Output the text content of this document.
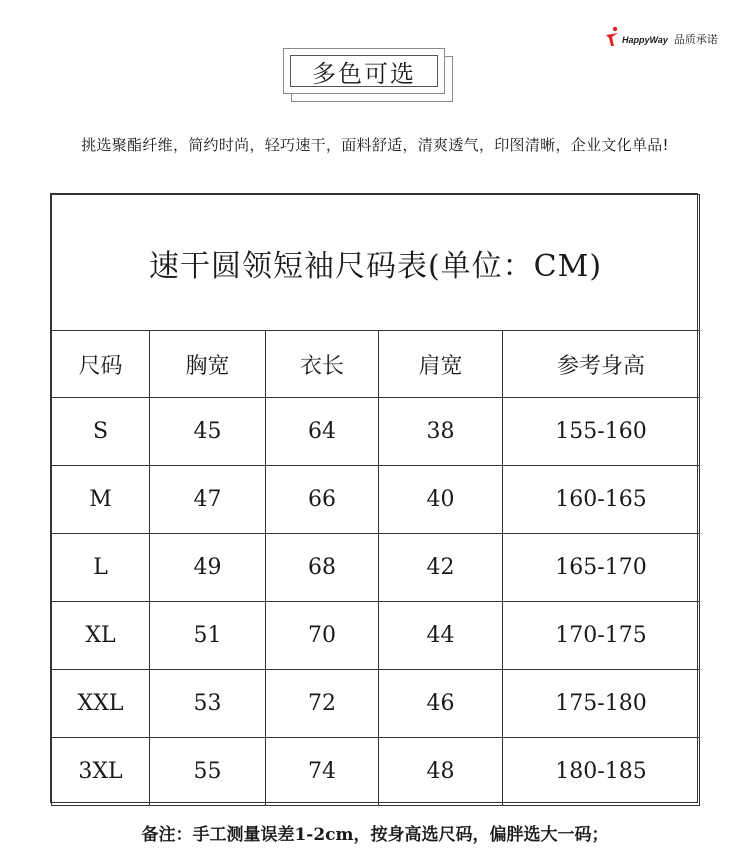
HappyWay 品质承诺
多色可选
挑选聚酯纤维，简约时尚，轻巧速干，面料舒适，清爽透气，印图清晰，企业文化单品!
速干圆领短袖尺码表(单位：CM)				
尺码	胸宽	衣长	肩宽	参考身高
S	45	64	38	155-160
M	47	66	40	160-165
L	49	68	42	165-170
XL	51	70	44	170-175
XXL	53	72	46	175-180
3XL	55	74	48	180-185
备注：手工测量误差1-2cm，按身高选尺码，偏胖选大一码；
